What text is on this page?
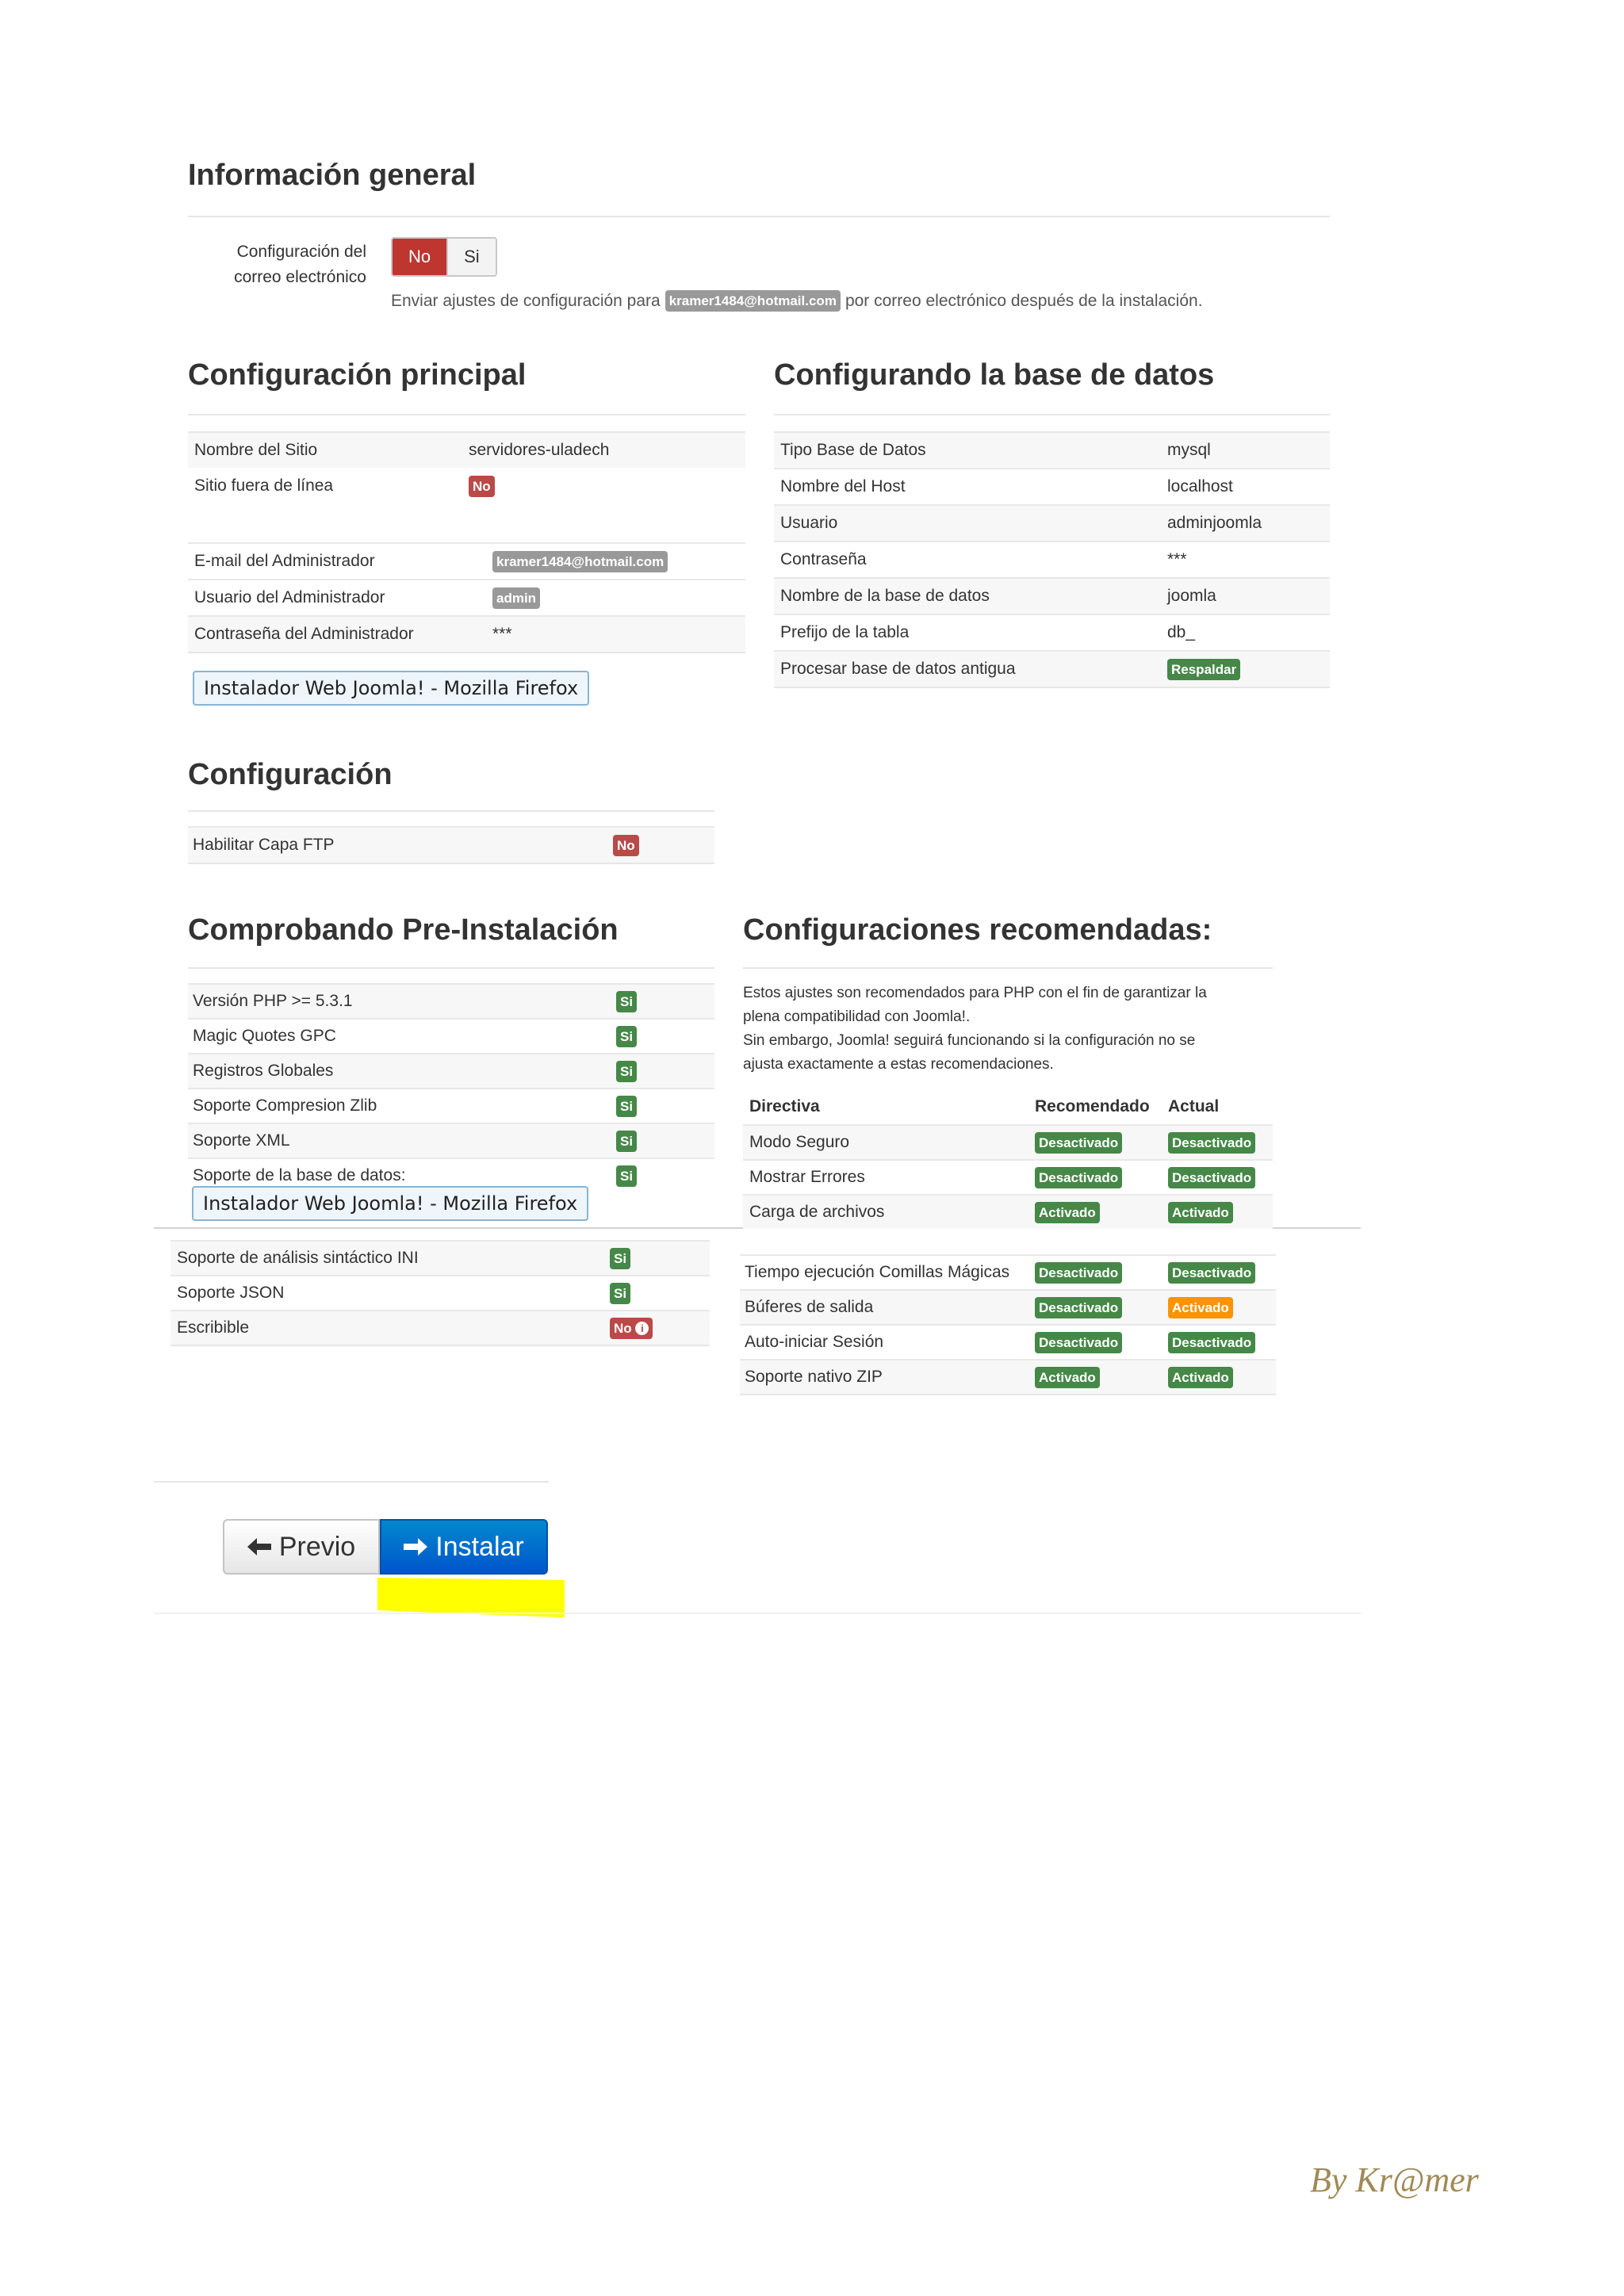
Información general
Configuración del
correo electrónico
No	Si
Enviar ajustes de configuración para kramer1484@hotmail.com por correo electrónico después de la instalación.
Configuración principal
Nombre del Sitio	servidores-uladech
Sitio fuera de línea	No
E-mail del Administrador	kramer1484@hotmail.com
Usuario del Administrador	admin
Contraseña del Administrador	***
Instalador Web Joomla! - Mozilla Firefox
Configurando la base de datos
Tipo Base de Datos	mysql
Nombre del Host	localhost
Usuario	adminjoomla
Contraseña	***
Nombre de la base de datos	joomla
Prefijo de la tabla	db_
Procesar base de datos antigua	Respaldar
Configuración
Habilitar Capa FTP	No
Comprobando Pre-Instalación
Versión PHP >= 5.3.1	Si
Magic Quotes GPC	Si
Registros Globales	Si
Soporte Compresion Zlib	Si
Soporte XML	Si
Soporte de la base de datos:	Si
Instalador Web Joomla! - Mozilla Firefox
Soporte de análisis sintáctico INI	Si
Soporte JSON	Si
Escribible	No i
Configuraciones recomendadas:
Estos ajustes son recomendados para PHP con el fin de garantizar la
plena compatibilidad con Joomla!.
Sin embargo, Joomla! seguirá funcionando si la configuración no se
ajusta exactamente a estas recomendaciones.
Directiva	Recomendado Actual
Modo Seguro	Desactivado	Desactivado
Mostrar Errores	Desactivado	Desactivado
Carga de archivos	Activado	Activado
Tiempo ejecución Comillas Mágicas Desactivado	Desactivado
Búferes de salida	Desactivado	Activado
Auto-iniciar Sesión	Desactivado	Desactivado
Soporte nativo ZIP	Activado	Activado
Previo	Instalar
By Kr@mer
